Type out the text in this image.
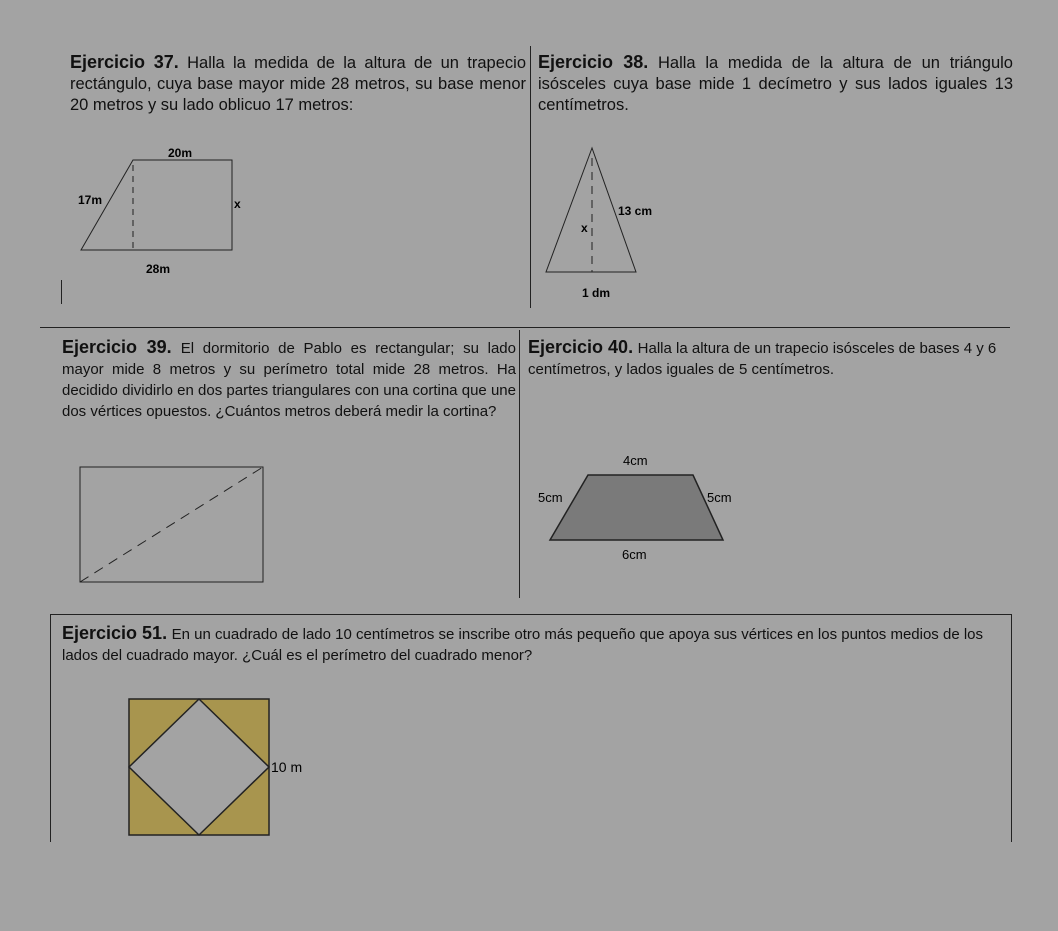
Ejercicio 37. Halla la medida de la altura de un trapecio rectángulo, cuya base mayor mide 28 metros, su base menor 20 metros y su lado oblicuo 17 metros:
20m
17m	x
28m
Ejercicio 38. Halla la medida de la altura de un triángulo isósceles cuya base mide 1 decímetro y sus lados iguales 13 centímetros.
13 cm
x
1 dm
Ejercicio 39. El dormitorio de Pablo es rectangular; su lado mayor mide 8 metros y su perímetro total mide 28 metros. Ha decidido dividirlo en dos partes triangulares con una cortina que une dos vértices opuestos. ¿Cuántos metros deberá medir la cortina?
Ejercicio 40. Halla la altura de un trapecio isósceles de bases 4 y 6 centímetros, y lados iguales de 5 centímetros.
4cm
5cm	5cm
6cm
Ejercicio 51. En un cuadrado de lado 10 centímetros se inscribe otro más pequeño que apoya sus vértices en los puntos medios de los lados del cuadrado mayor. ¿Cuál es el perímetro del cuadrado menor?
10 m
